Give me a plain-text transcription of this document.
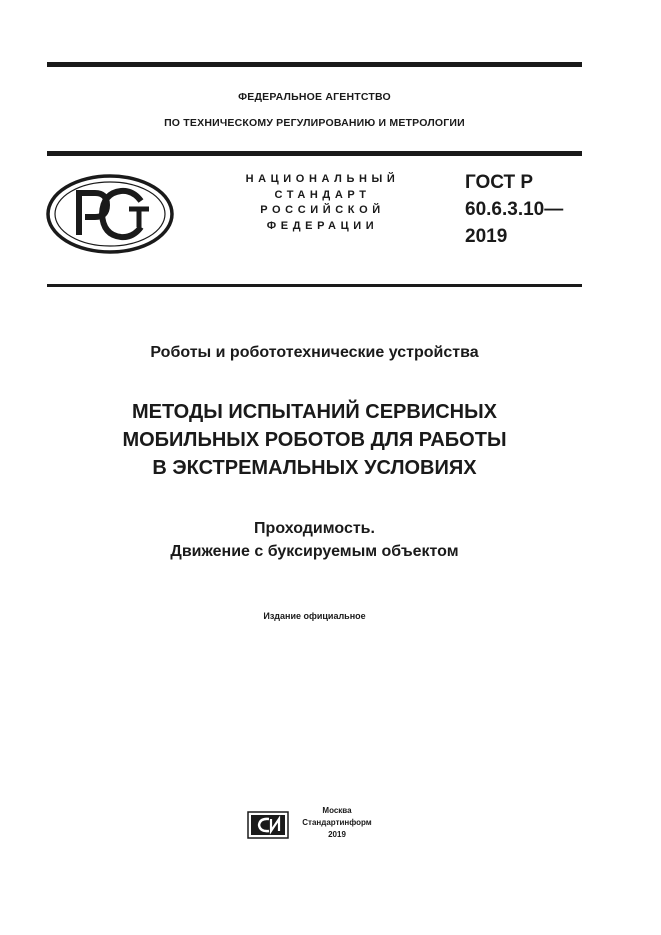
ФЕДЕРАЛЬНОЕ АГЕНТСТВО
ПО ТЕХНИЧЕСКОМУ РЕГУЛИРОВАНИЮ И МЕТРОЛОГИИ
НАЦИОНАЛЬНЫЙ
СТАНДАРТ
РОССИЙСКОЙ
ФЕДЕРАЦИИ
ГОСТ Р
60.6.3.10—
2019
Роботы и робототехнические устройства
МЕТОДЫ ИСПЫТАНИЙ СЕРВИСНЫХ
МОБИЛЬНЫХ РОБОТОВ ДЛЯ РАБОТЫ
В ЭКСТРЕМАЛЬНЫХ УСЛОВИЯХ
Проходимость.
Движение с буксируемым объектом
Издание официальное
Москва
Стандартинформ
2019
